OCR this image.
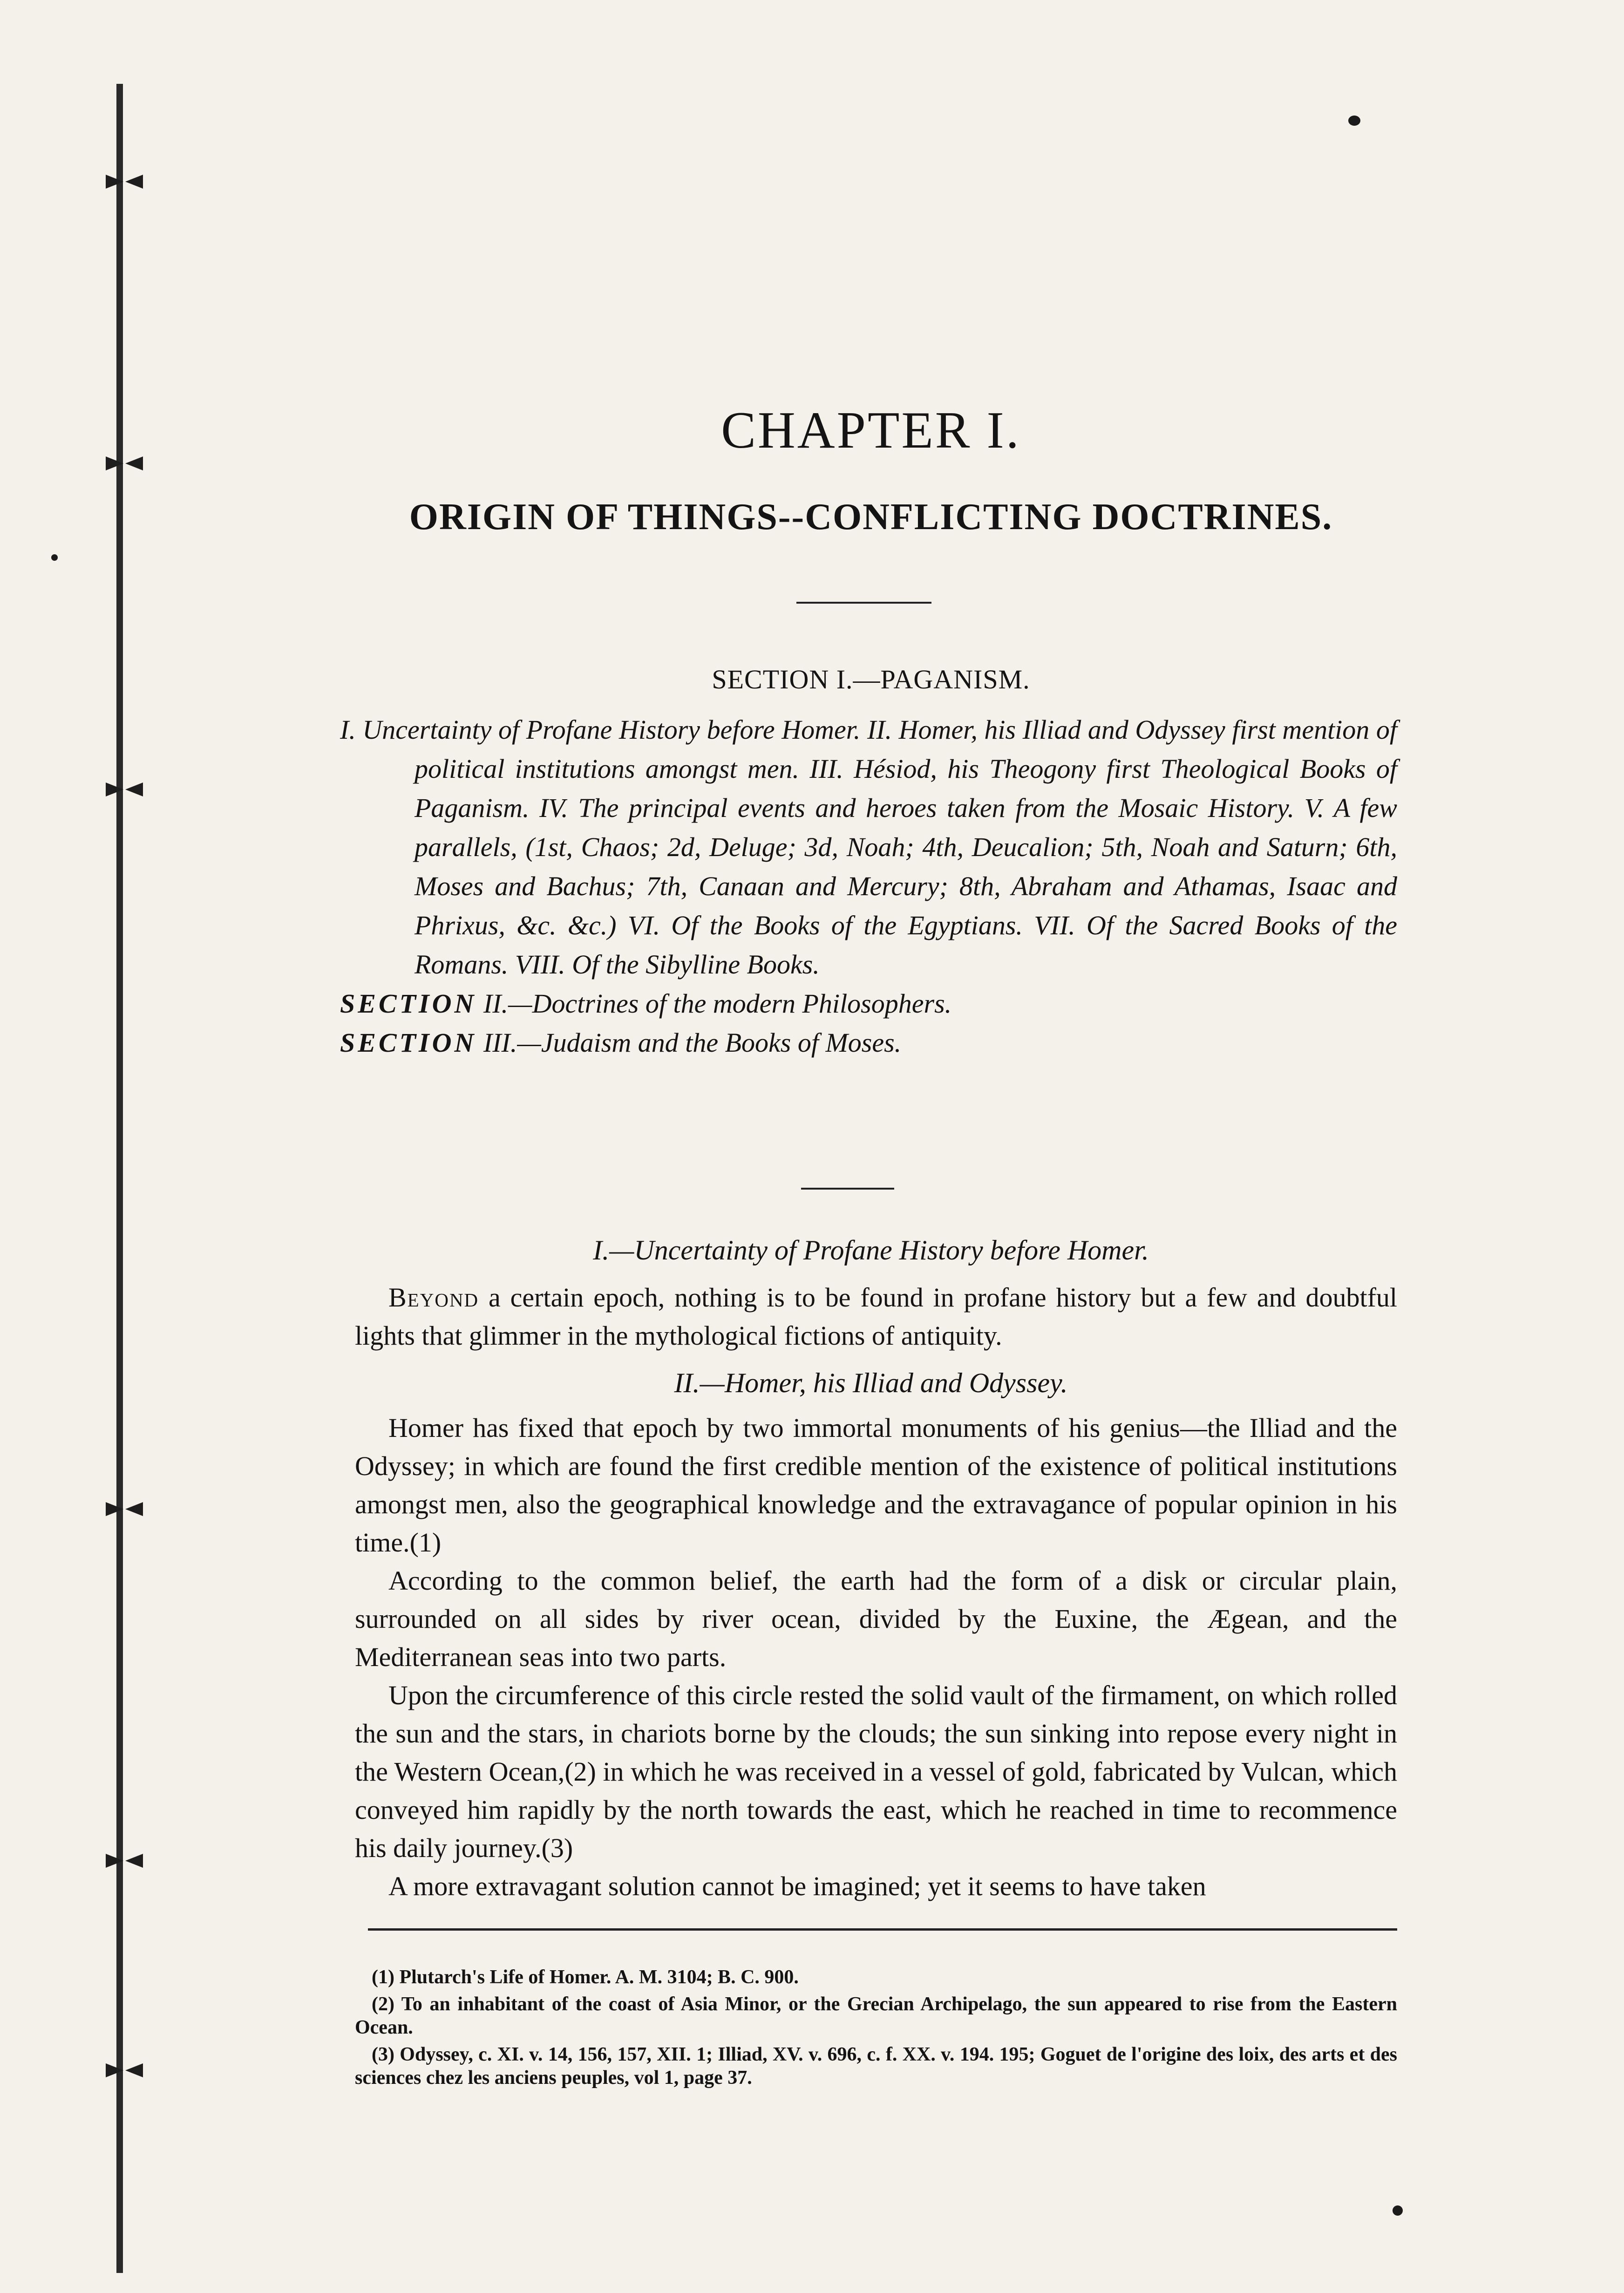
CHAPTER I.
ORIGIN OF THINGS--CONFLICTING DOCTRINES.
SECTION I.—PAGANISM.

I. Uncertainty of Profane History before Homer. II. Homer, his Illiad and Odyssey first mention of political institutions amongst men. III. Hésiod, his Theogony first Theological Books of Paganism. IV. The principal events and heroes taken from the Mosaic History. V. A few parallels, (1st, Chaos; 2d, Deluge; 3d, Noah; 4th, Deucalion; 5th, Noah and Saturn; 6th, Moses and Bachus; 7th, Canaan and Mercury; 8th, Abraham and Athamas, Isaac and Phrixus, &c. &c.) VI. Of the Books of the Egyptians. VII. Of the Sacred Books of the Romans. VIII. Of the Sibylline Books.

SECTION II.—Doctrines of the modern Philosophers.

SECTION III.—Judaism and the Books of Moses.

I.—Uncertainty of Profane History before Homer.

Beyond a certain epoch, nothing is to be found in profane history but a few and doubtful lights that glimmer in the mythological fictions of antiquity.

II.—Homer, his Illiad and Odyssey.

Homer has fixed that epoch by two immortal monuments of his genius—the Illiad and the Odyssey; in which are found the first credible mention of the existence of political institutions amongst men, also the geographical knowledge and the extravagance of popular opinion in his time.(1)

According to the common belief, the earth had the form of a disk or circular plain, surrounded on all sides by river ocean, divided by the Euxine, the Ægean, and the Mediterranean seas into two parts.

Upon the circumference of this circle rested the solid vault of the firmament, on which rolled the sun and the stars, in chariots borne by the clouds; the sun sinking into repose every night in the Western Ocean,(2) in which he was received in a vessel of gold, fabricated by Vulcan, which conveyed him rapidly by the north towards the east, which he reached in time to recommence his daily journey.(3)

A more extravagant solution cannot be imagined; yet it seems to have taken

(1) Plutarch's Life of Homer. A. M. 3104; B. C. 900.

(2) To an inhabitant of the coast of Asia Minor, or the Grecian Archipelago, the sun appeared to rise from the Eastern Ocean.

(3) Odyssey, c. XI. v. 14, 156, 157, XII. 1; Illiad, XV. v. 696, c. f. XX. v. 194. 195; Goguet de l'origine des loix, des arts et des sciences chez les anciens peuples, vol 1, page 37.
